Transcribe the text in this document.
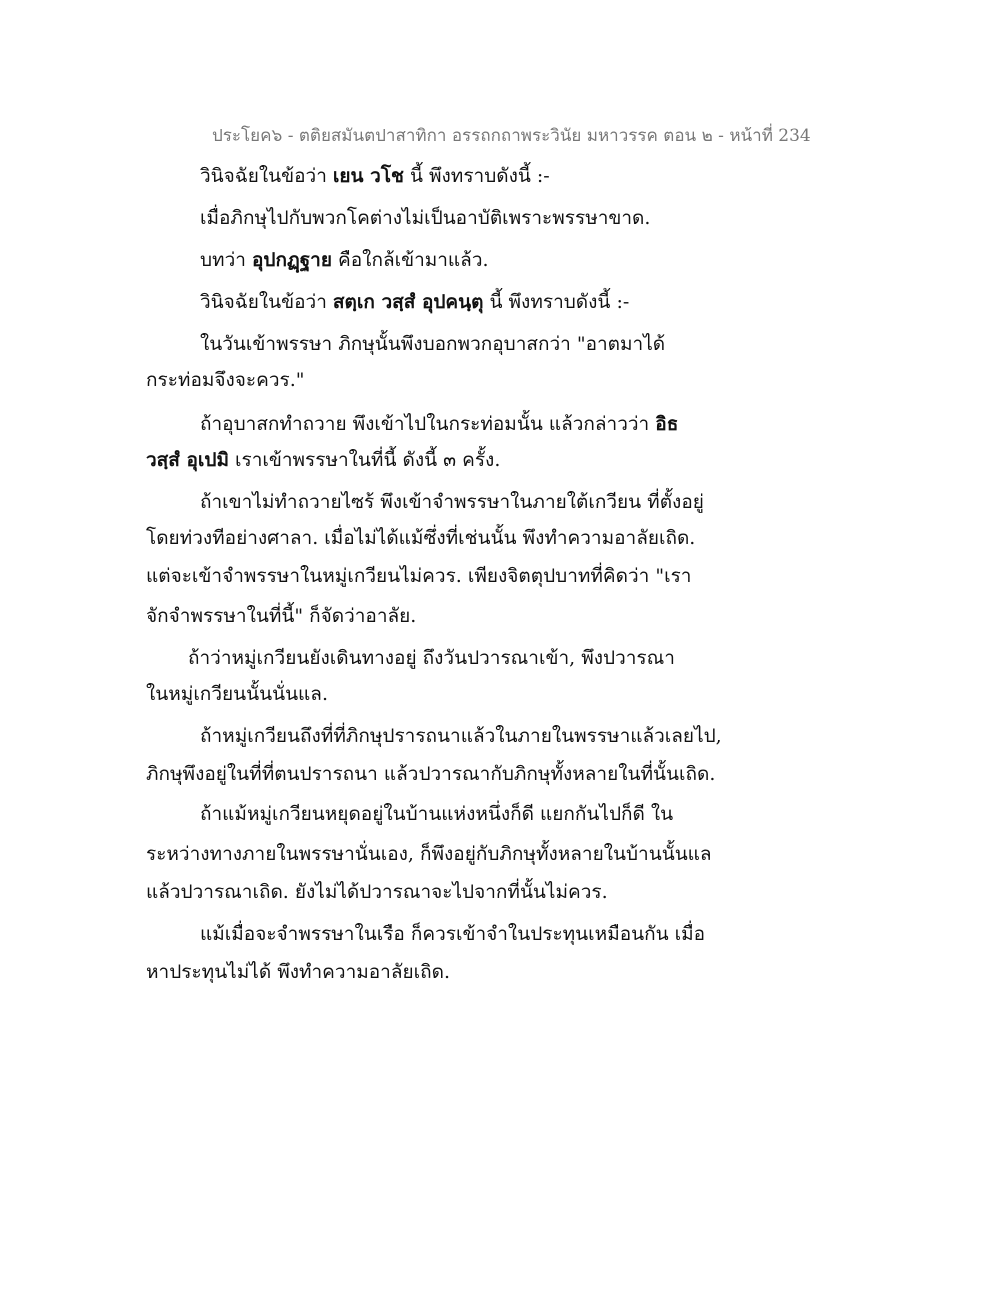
ประโยค๖ - ตติยสมันตปาสาทิกา อรรถกถาพระวินัย มหาวรรค ตอน ๒ - หน้าที่ 234
วินิจฉัยในข้อว่า เยน วโช นี้ พึงทราบดังนี้ :-
เมื่อภิกษุไปกับพวกโคต่างไม่เป็นอาบัติเพราะพรรษาขาด.
บทว่า อุปกฏฺฐาย คือใกล้เข้ามาแล้ว.
วินิจฉัยในข้อว่า สตฺเก วสฺสํ อุปคนฺตุ นี้ พึงทราบดังนี้ :-
ในวันเข้าพรรษา ภิกษุนั้นพึงบอกพวกอุบาสกว่า "อาตมาได้
กระท่อมจึงจะควร."
ถ้าอุบาสกทำถวาย พึงเข้าไปในกระท่อมนั้น แล้วกล่าวว่า อิธ
วสฺสํ อุเปมิ เราเข้าพรรษาในที่นี้ ดังนี้ ๓ ครั้ง.
ถ้าเขาไม่ทำถวายไซร้ พึงเข้าจำพรรษาในภายใต้เกวียน ที่ตั้งอยู่
โดยท่วงทีอย่างศาลา. เมื่อไม่ได้แม้ซึ่งที่เช่นนั้น พึงทำความอาลัยเถิด.
แต่จะเข้าจำพรรษาในหมู่เกวียนไม่ควร. เพียงจิตตุปบาทที่คิดว่า "เรา
จักจำพรรษาในที่นี้" ก็จัดว่าอาลัย.
ถ้าว่าหมู่เกวียนยังเดินทางอยู่ ถึงวันปวารณาเข้า, พึงปวารณา
ในหมู่เกวียนนั้นนั่นแล.
ถ้าหมู่เกวียนถึงที่ที่ภิกษุปรารถนาแล้วในภายในพรรษาแล้วเลยไป,
ภิกษุพึงอยู่ในที่ที่ตนปรารถนา แล้วปวารณากับภิกษุทั้งหลายในที่นั้นเถิด.
ถ้าแม้หมู่เกวียนหยุดอยู่ในบ้านแห่งหนึ่งก็ดี แยกกันไปก็ดี ใน
ระหว่างทางภายในพรรษานั่นเอง, ก็พึงอยู่กับภิกษุทั้งหลายในบ้านนั้นแล
แล้วปวารณาเถิด. ยังไม่ได้ปวารณาจะไปจากที่นั้นไม่ควร.
แม้เมื่อจะจำพรรษาในเรือ ก็ควรเข้าจำในประทุนเหมือนกัน เมื่อ
หาประทุนไม่ได้ พึงทำความอาลัยเถิด.
